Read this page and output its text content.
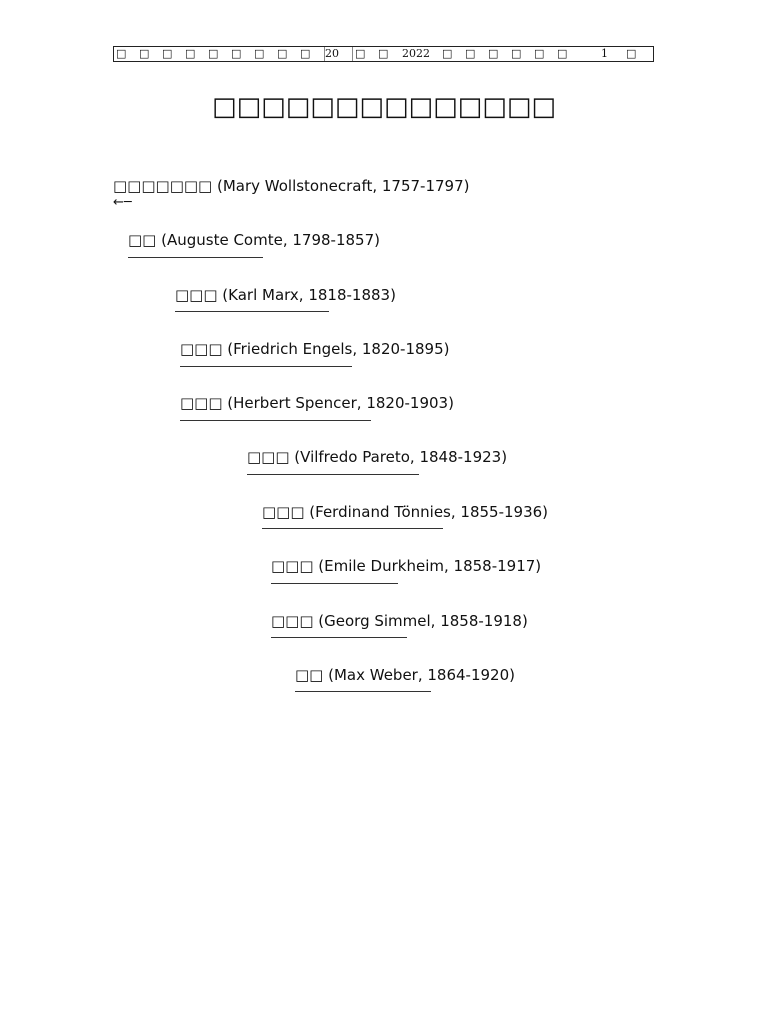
□ □ □ □ □ □ □ □ □ 20 □ □ 2022 □ □ □ □ □ □	1 □
□□□□□□□□□□□□□□
□□□□□□□ (Mary Wollstonecraft, 1757-1797)
←─
□□ (Auguste Comte, 1798-1857)
□□□ (Karl Marx, 1818-1883)
□□□ (Friedrich Engels, 1820-1895)
□□□ (Herbert Spencer, 1820-1903)
□□□ (Vilfredo Pareto, 1848-1923)
□□□ (Ferdinand Tönnies, 1855-1936)
□□□ (Emile Durkheim, 1858-1917)
□□□ (Georg Simmel, 1858-1918)
□□ (Max Weber, 1864-1920)
